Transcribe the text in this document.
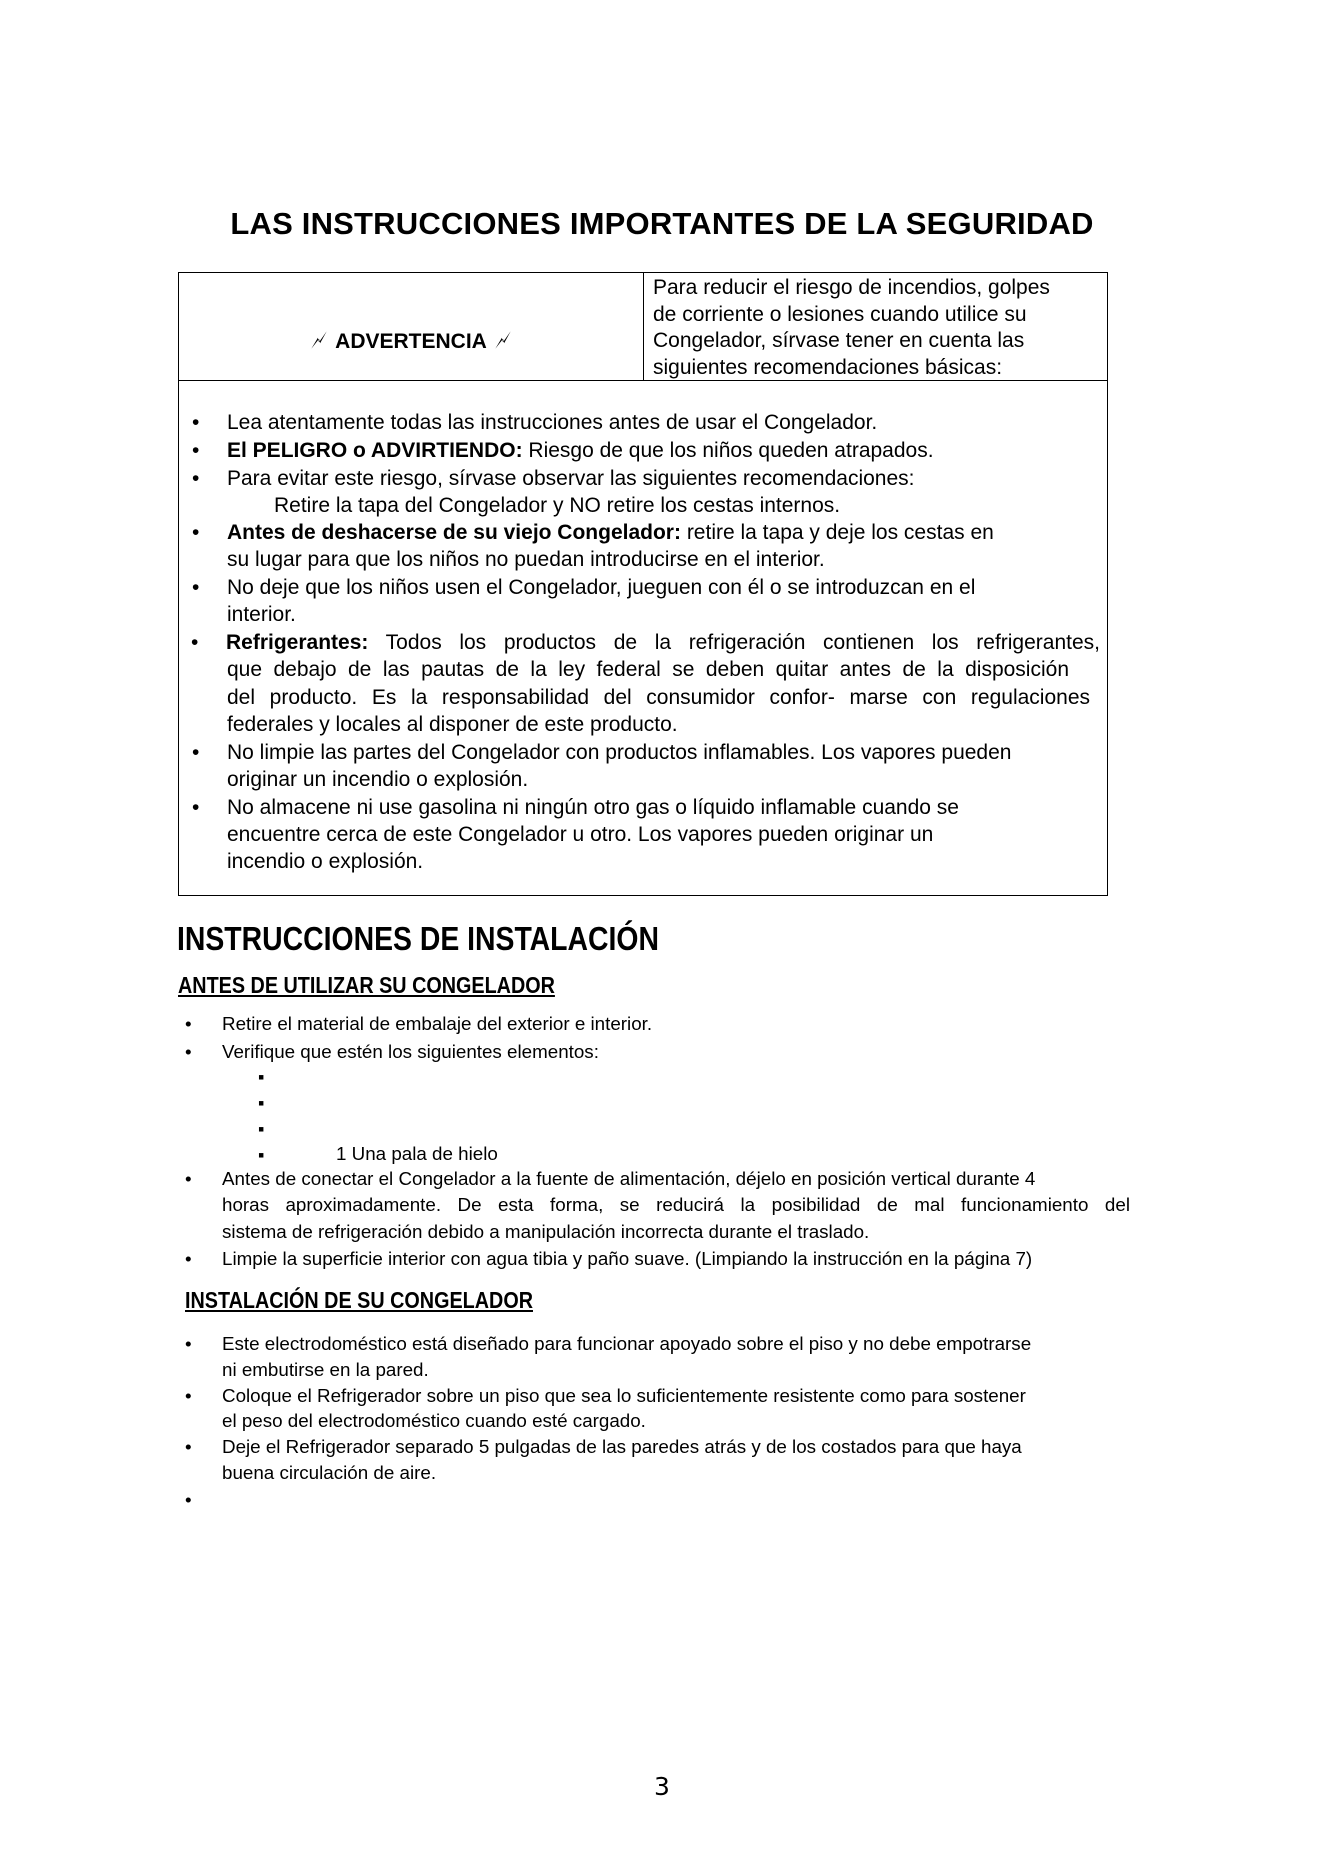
LAS INSTRUCCIONES IMPORTANTES DE LA SEGURIDAD
ADVERTENCIA
Para reducir el riesgo de incendios, golpes
de corriente o lesiones cuando utilice su
Congelador, sírvase tener en cuenta las
siguientes recomendaciones básicas:
• Lea atentamente todas las instrucciones antes de usar el Congelador.
• El PELIGRO o ADVIRTIENDO: Riesgo de que los niños queden atrapados.
• Para evitar este riesgo, sírvase observar las siguientes recomendaciones:
Retire la tapa del Congelador y NO retire los cestas internos.
• Antes de deshacerse de su viejo Congelador: retire la tapa y deje los cestas en
su lugar para que los niños no puedan introducirse en el interior.
• No deje que los niños usen el Congelador, jueguen con él o se introduzcan en el
interior.
• Refrigerantes: Todos los productos de la refrigeración contienen los refrigerantes,
que debajo de las pautas de la ley federal se deben quitar antes de la disposición
del producto. Es la responsabilidad del consumidor confor- marse con regulaciones
federales y locales al disponer de este producto.
• No limpie las partes del Congelador con productos inflamables. Los vapores pueden
originar un incendio o explosión.
• No almacene ni use gasolina ni ningún otro gas o líquido inflamable cuando se
encuentre cerca de este Congelador u otro. Los vapores pueden originar un
incendio o explosión.
INSTRUCCIONES DE INSTALACIÓN
ANTES DE UTILIZAR SU CONGELADOR
• Retire el material de embalaje del exterior e interior.
• Verifique que estén los siguientes elementos:
▪
▪
▪
▪	1 Una pala de hielo
• Antes de conectar el Congelador a la fuente de alimentación, déjelo en posición vertical durante 4
horas aproximadamente. De esta forma, se reducirá la posibilidad de mal funcionamiento del
sistema de refrigeración debido a manipulación incorrecta durante el traslado.
• Limpie la superficie interior con agua tibia y paño suave. (Limpiando la instrucción en la página 7)
INSTALACIÓN DE SU CONGELADOR
• Este electrodoméstico está diseñado para funcionar apoyado sobre el piso y no debe empotrarse
ni embutirse en la pared.
• Coloque el Refrigerador sobre un piso que sea lo suficientemente resistente como para sostener
el peso del electrodoméstico cuando esté cargado.
• Deje el Refrigerador separado 5 pulgadas de las paredes atrás y de los costados para que haya
buena circulación de aire.
•
3
